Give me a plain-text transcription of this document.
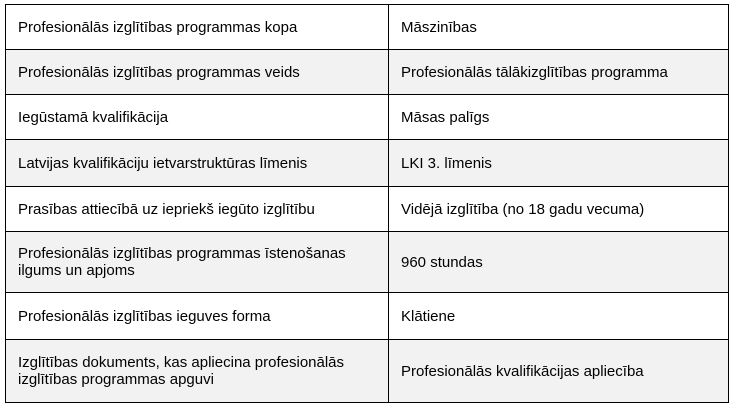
Profesionālās izglītības programmas kopa	Māszinības
Profesionālās izglītības programmas veids	Profesionālās tālākizglītības programma
Iegūstamā kvalifikācija	Māsas palīgs
Latvijas kvalifikāciju ietvarstruktūras līmenis	LKI 3. līmenis
Prasības attiecībā uz iepriekš iegūto izglītību	Vidējā izglītība (no 18 gadu vecuma)
Profesionālās izglītības programmas īstenošanas ilgums un apjoms	960 stundas
Profesionālās izglītības ieguves forma	Klātiene
Izglītības dokuments, kas apliecina profesionālās izglītības programmas apguvi	Profesionālās kvalifikācijas apliecība
